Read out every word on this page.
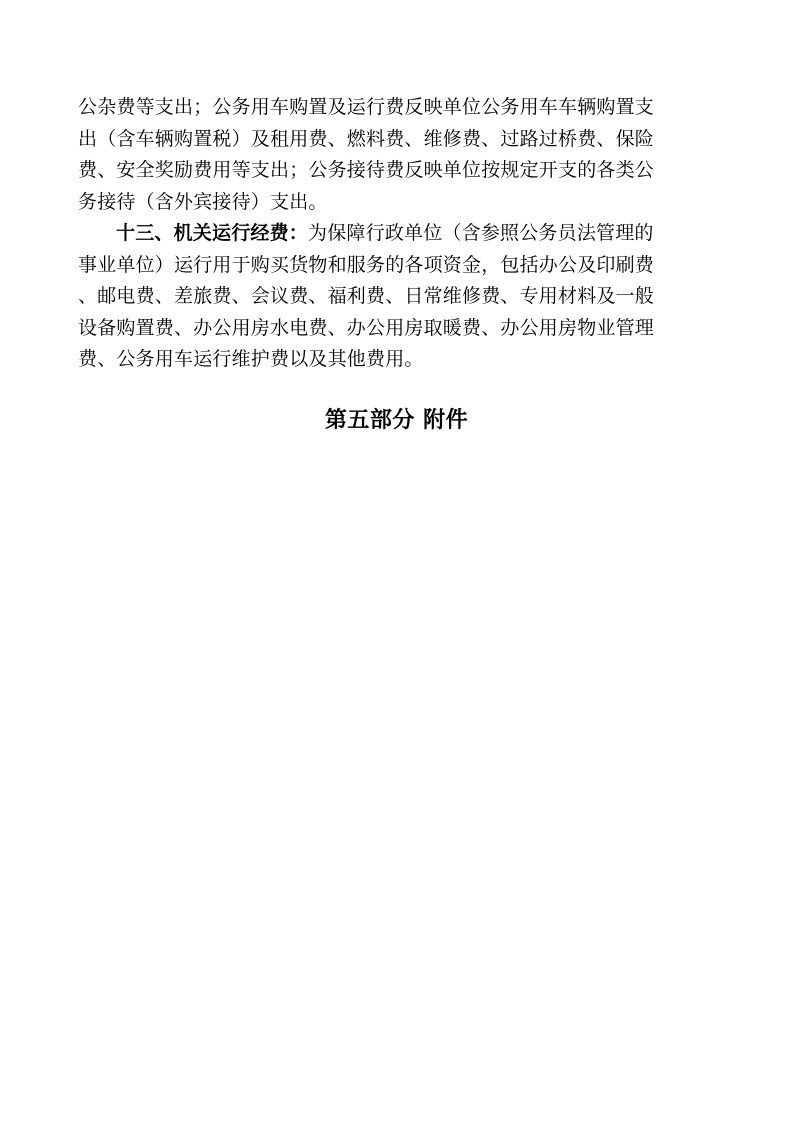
公杂费等支出；公务用车购置及运行费反映单位公务用车车辆购置支
出（含车辆购置税）及租用费、燃料费、维修费、过路过桥费、保险
费、安全奖励费用等支出；公务接待费反映单位按规定开支的各类公
务接待（含外宾接待）支出。
十三、机关运行经费：为保障行政单位（含参照公务员法管理的
事业单位）运行用于购买货物和服务的各项资金，包括办公及印刷费
、邮电费、差旅费、会议费、福利费、日常维修费、专用材料及一般
设备购置费、办公用房水电费、办公用房取暖费、办公用房物业管理
费、公务用车运行维护费以及其他费用。
第五部分 附件
